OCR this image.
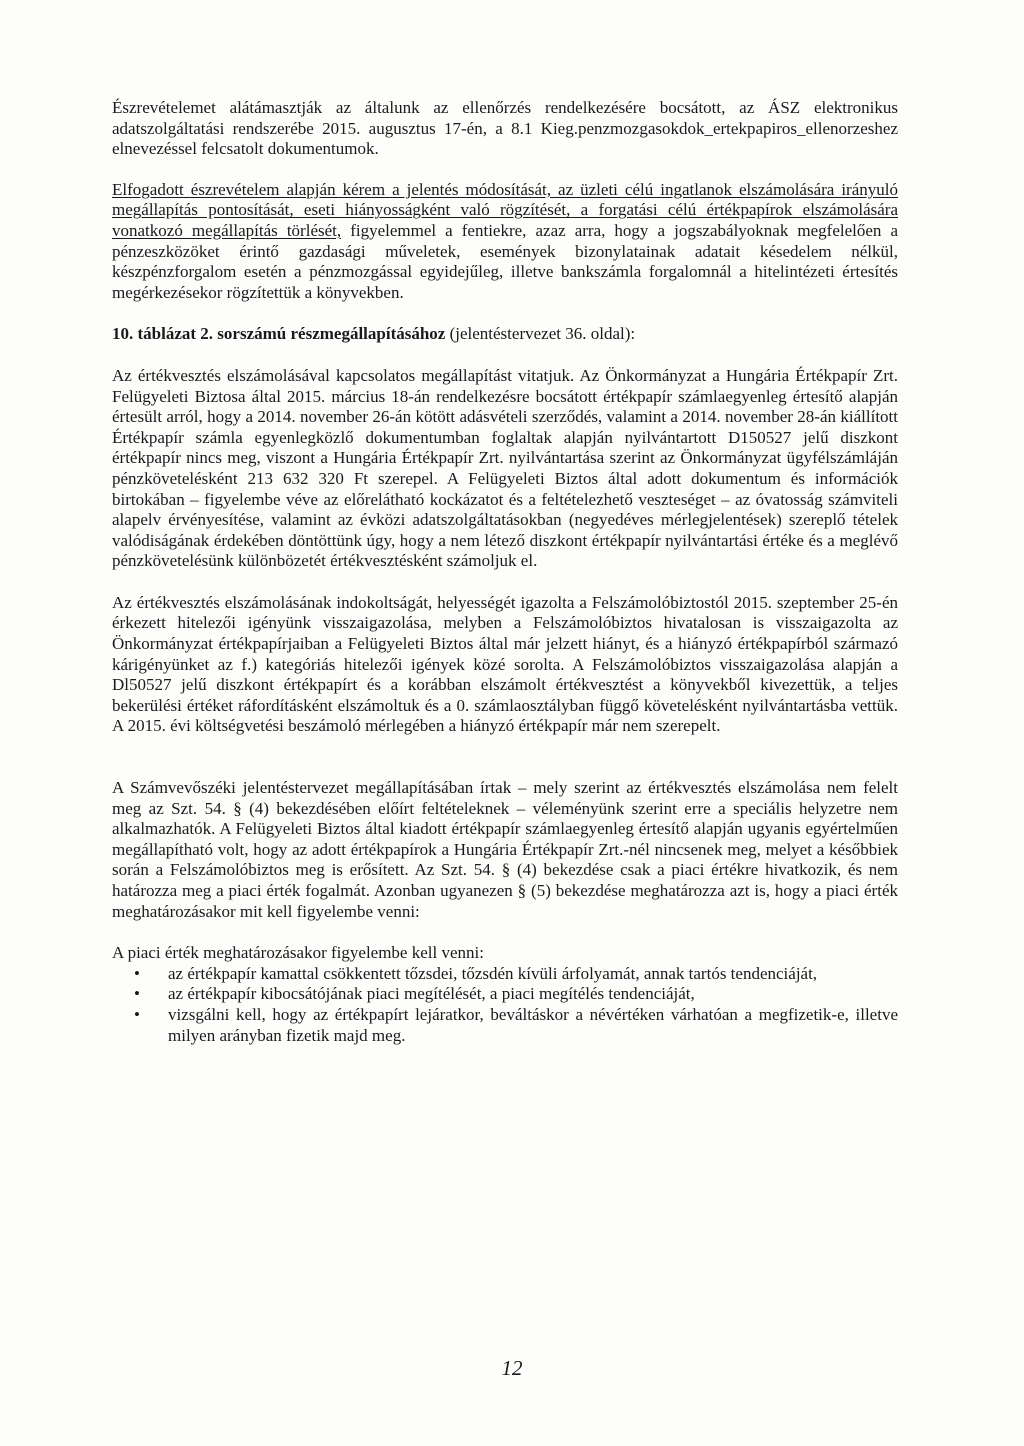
Észrevételemet alátámasztják az általunk az ellenőrzés rendelkezésére bocsátott, az ÁSZ elektronikus adatszolgáltatási rendszerébe 2015. augusztus 17-én, a 8.1 Kieg.penzmozgasokdok_ertekpapiros_ellenorzeshez elnevezéssel felcsatolt dokumentumok.

Elfogadott észrevételem alapján kérem a jelentés módosítását, az üzleti célú ingatlanok elszámolására irányuló megállapítás pontosítását, eseti hiányosságként való rögzítését, a forgatási célú értékpapírok elszámolására vonatkozó megállapítás törlését, figyelemmel a fentiekre, azaz arra, hogy a jogszabályoknak megfelelően a pénzeszközöket érintő gazdasági műveletek, események bizonylatainak adatait késedelem nélkül, készpénzforgalom esetén a pénzmozgással egyidejűleg, illetve bankszámla forgalomnál a hitelintézeti értesítés megérkezésekor rögzítettük a könyvekben.

10. táblázat 2. sorszámú részmegállapításához (jelentéstervezet 36. oldal):

Az értékvesztés elszámolásával kapcsolatos megállapítást vitatjuk. Az Önkormányzat a Hungária Értékpapír Zrt. Felügyeleti Biztosa által 2015. március 18-án rendelkezésre bocsátott értékpapír számlaegyenleg értesítő alapján értesült arról, hogy a 2014. november 26-án kötött adásvételi szerződés, valamint a 2014. november 28-án kiállított Értékpapír számla egyenlegközlő dokumentumban foglaltak alapján nyilvántartott D150527 jelű diszkont értékpapír nincs meg, viszont a Hungária Értékpapír Zrt. nyilvántartása szerint az Önkormányzat ügyfélszámláján pénzkövetelésként 213 632 320 Ft szerepel. A Felügyeleti Biztos által adott dokumentum és információk birtokában – figyelembe véve az előrelátható kockázatot és a feltételezhető veszteséget – az óvatosság számviteli alapelv érvényesítése, valamint az évközi adatszolgáltatásokban (negyedéves mérlegjelentések) szereplő tételek valódiságának érdekében döntöttünk úgy, hogy a nem létező diszkont értékpapír nyilvántartási értéke és a meglévő pénzkövetelésünk különbözetét értékvesztésként számoljuk el.

Az értékvesztés elszámolásának indokoltságát, helyességét igazolta a Felszámolóbiztostól 2015. szeptember 25-én érkezett hitelezői igényünk visszaigazolása, melyben a Felszámolóbiztos hivatalosan is visszaigazolta az Önkormányzat értékpapírjaiban a Felügyeleti Biztos által már jelzett hiányt, és a hiányzó értékpapírból származó kárigényünket az f.) kategóriás hitelezői igények közé sorolta. A Felszámolóbiztos visszaigazolása alapján a Dl50527 jelű diszkont értékpapírt és a korábban elszámolt értékvesztést a könyvekből kivezettük, a teljes bekerülési értéket ráfordításként elszámoltuk és a 0. számlaosztályban függő követelésként nyilvántartásba vettük. A 2015. évi költségvetési beszámoló mérlegében a hiányzó értékpapír már nem szerepelt.

A Számvevőszéki jelentéstervezet megállapításában írtak – mely szerint az értékvesztés elszámolása nem felelt meg az Szt. 54. § (4) bekezdésében előírt feltételeknek – véleményünk szerint erre a speciális helyzetre nem alkalmazhatók. A Felügyeleti Biztos által kiadott értékpapír számlaegyenleg értesítő alapján ugyanis egyértelműen megállapítható volt, hogy az adott értékpapírok a Hungária Értékpapír Zrt.-nél nincsenek meg, melyet a későbbiek során a Felszámolóbiztos meg is erősített. Az Szt. 54. § (4) bekezdése csak a piaci értékre hivatkozik, és nem határozza meg a piaci érték fogalmát. Azonban ugyanezen § (5) bekezdése meghatározza azt is, hogy a piaci érték meghatározásakor mit kell figyelembe venni:

A piaci érték meghatározásakor figyelembe kell venni:

• az értékpapír kamattal csökkentett tőzsdei, tőzsdén kívüli árfolyamát, annak tartós tendenciáját,
• az értékpapír kibocsátójának piaci megítélését, a piaci megítélés tendenciáját,
• vizsgálni kell, hogy az értékpapírt lejáratkor, beváltáskor a névértéken várhatóan a megfizetik-e, illetve milyen arányban fizetik majd meg.
12
